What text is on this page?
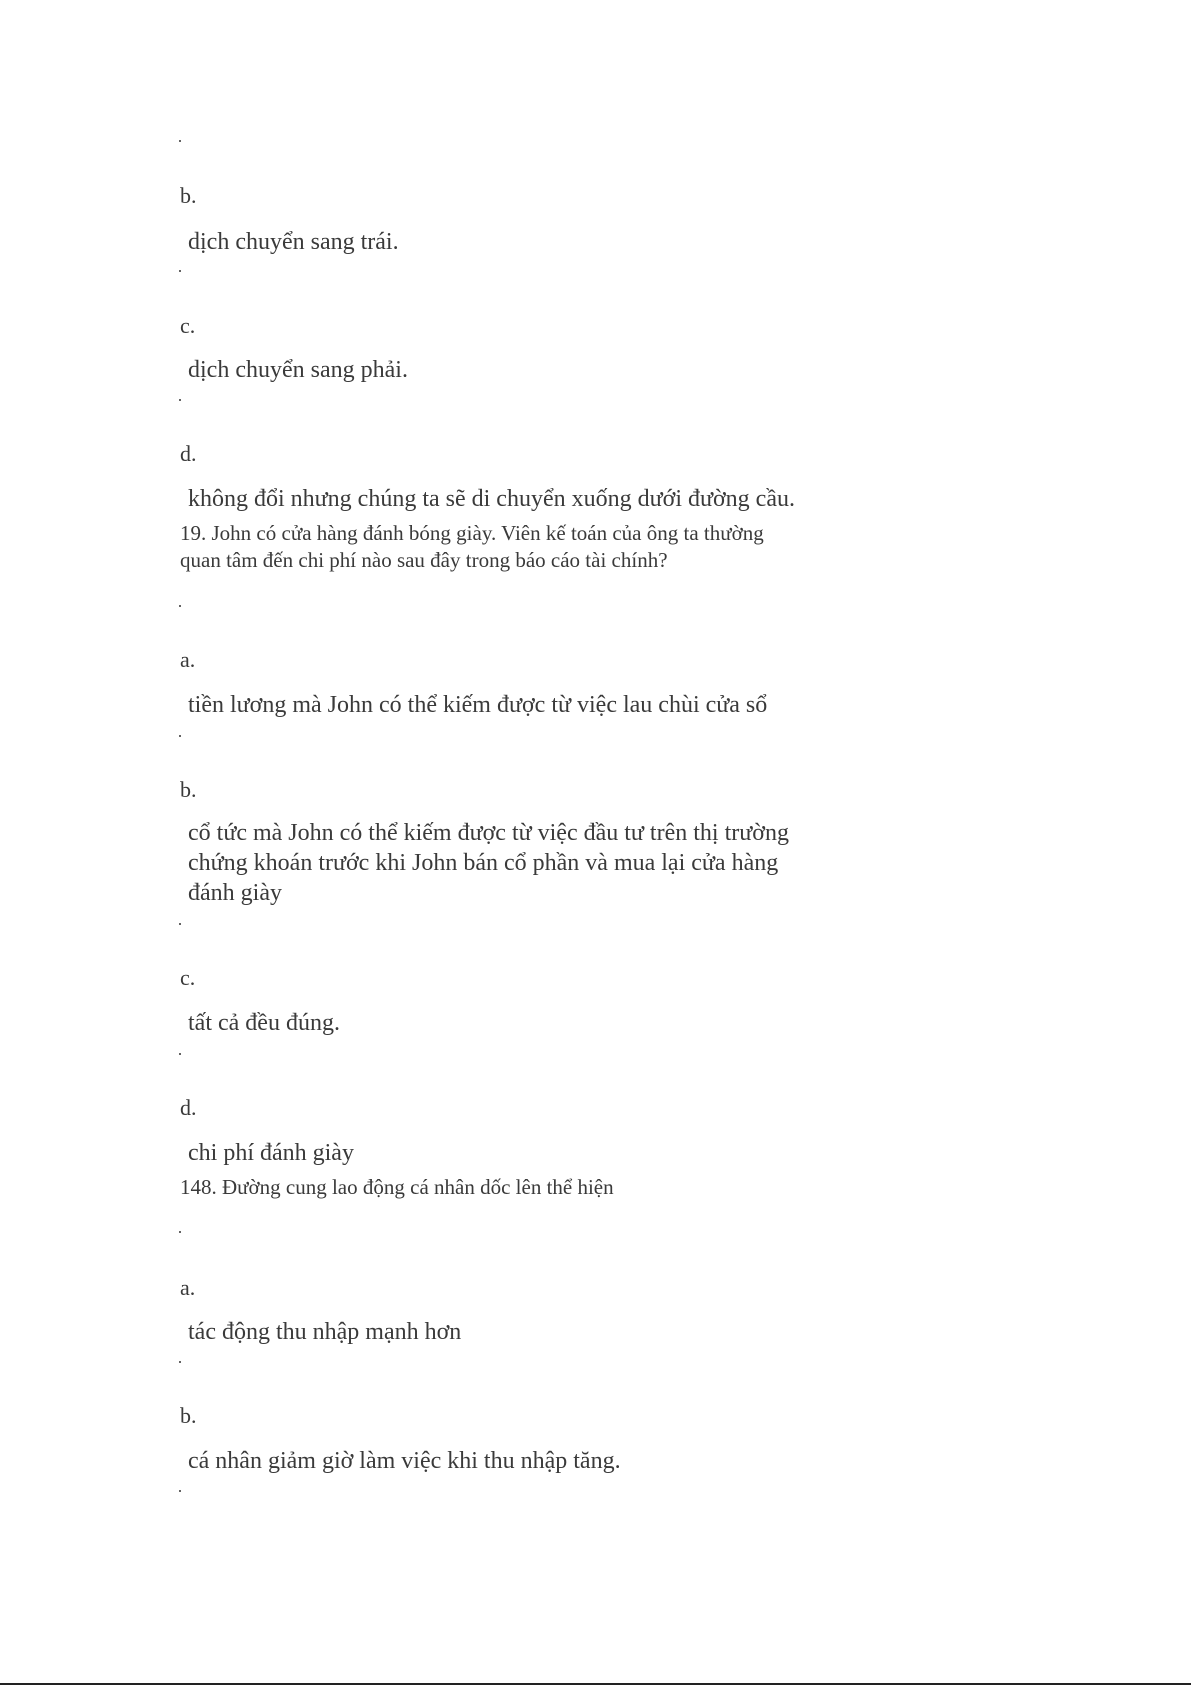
b.
dịch chuyển sang trái.
c.
dịch chuyển sang phải.
d.
không đổi nhưng chúng ta sẽ di chuyển xuống dưới đường cầu.
19. John có cửa hàng đánh bóng giày. Viên kế toán của ông ta thường
quan tâm đến chi phí nào sau đây trong báo cáo tài chính?
a.
tiền lương mà John có thể kiếm được từ việc lau chùi cửa sổ
b.
cổ tức mà John có thể kiếm được từ việc đầu tư trên thị trường
chứng khoán trước khi John bán cổ phần và mua lại cửa hàng
đánh giày
c.
tất cả đều đúng.
d.
chi phí đánh giày
148. Đường cung lao động cá nhân dốc lên thể hiện
a.
tác động thu nhập mạnh hơn
b.
cá nhân giảm giờ làm việc khi thu nhập tăng.
